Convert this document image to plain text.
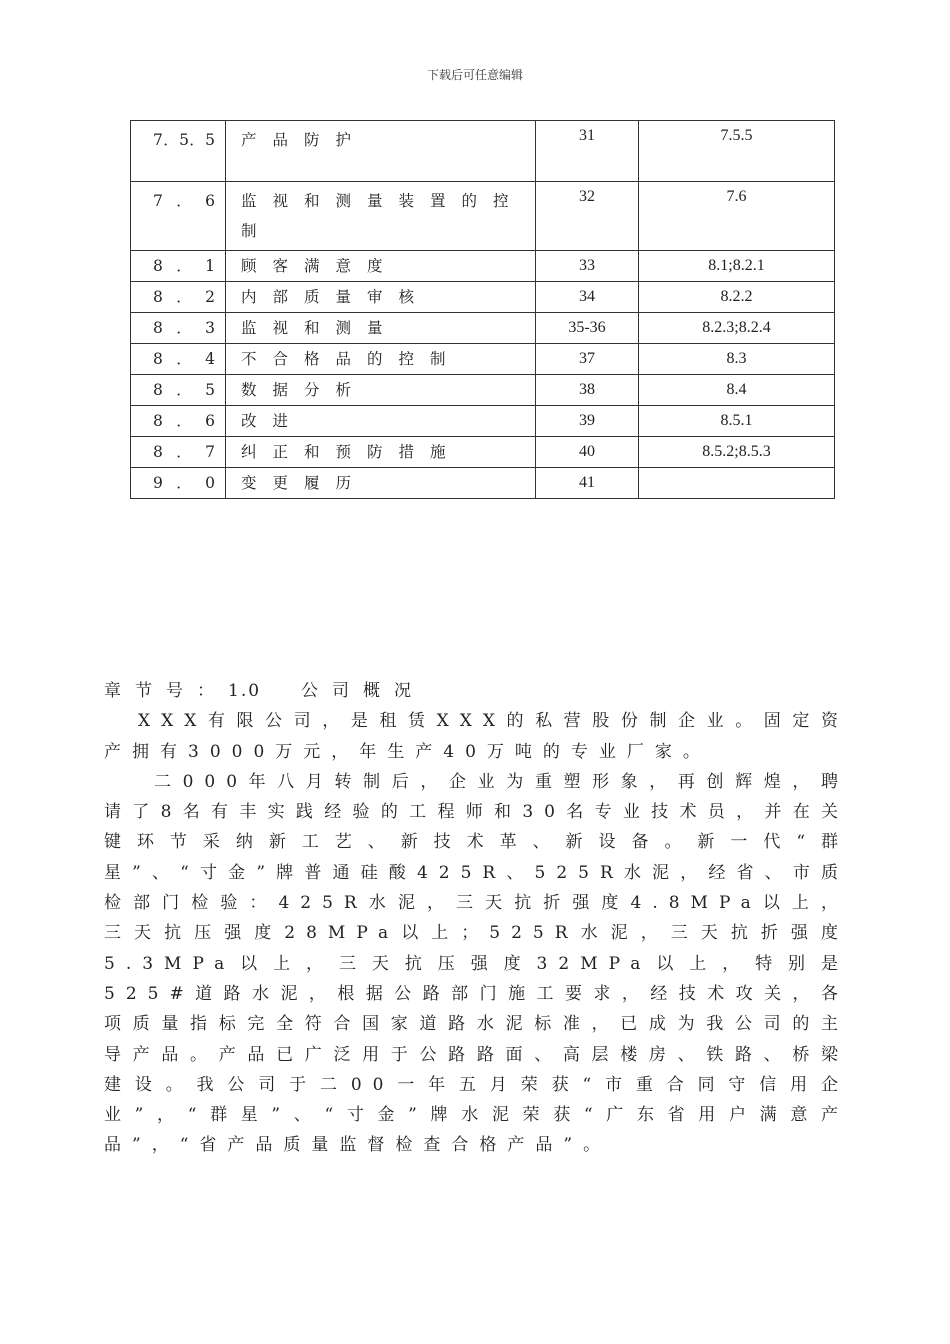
下载后可任意编辑
7．5．5	产品防护	31	7.5.5
7．6	监视和测量装置的控制	32	7.6
8．1	顾客满意度	33	8.1;8.2.1
8．2	内部质量审核	34	8.2.2
8．3	监视和测量	35-36	8.2.3;8.2.4
8．4	不合格品的控制	37	8.3
8．5	数据分析	38	8.4
8．6	改进	39	8.5.1
8．7	纠正和预防措施	40	8.5.2;8.5.3
9．0	变更履历	41	

章节号：1.0 公司概况

XXX有限公司，是租赁XXX的私营股份制企业。固定资产拥有3000万元，年生产40万吨的专业厂家。

二000年八月转制后，企业为重塑形象，再创辉煌，聘请了8名有丰实践经验的工程师和30名专业技术员，并在关键环节采纳新工艺、新技术革、新设备。新一代“群星”、“寸金”牌普通硅酸425R、525R水泥，经省、市质检部门检验：425R水泥，三天抗折强度4.8MPa以上，三天抗压强度28MPa以上；525R水泥，三天抗折强度5.3MPa以上，三天抗压强度32MPa以上，特别是525#道路水泥，根据公路部门施工要求，经技术攻关，各项质量指标完全符合国家道路水泥标准，已成为我公司的主导产品。产品已广泛用于公路路面、高层楼房、铁路、桥梁建设。我公司于二00一年五月荣获“市重合同守信用企业”，“群星”、“寸金”牌水泥荣获“广东省用户满意产品”，“省产品质量监督检查合格产品”。
